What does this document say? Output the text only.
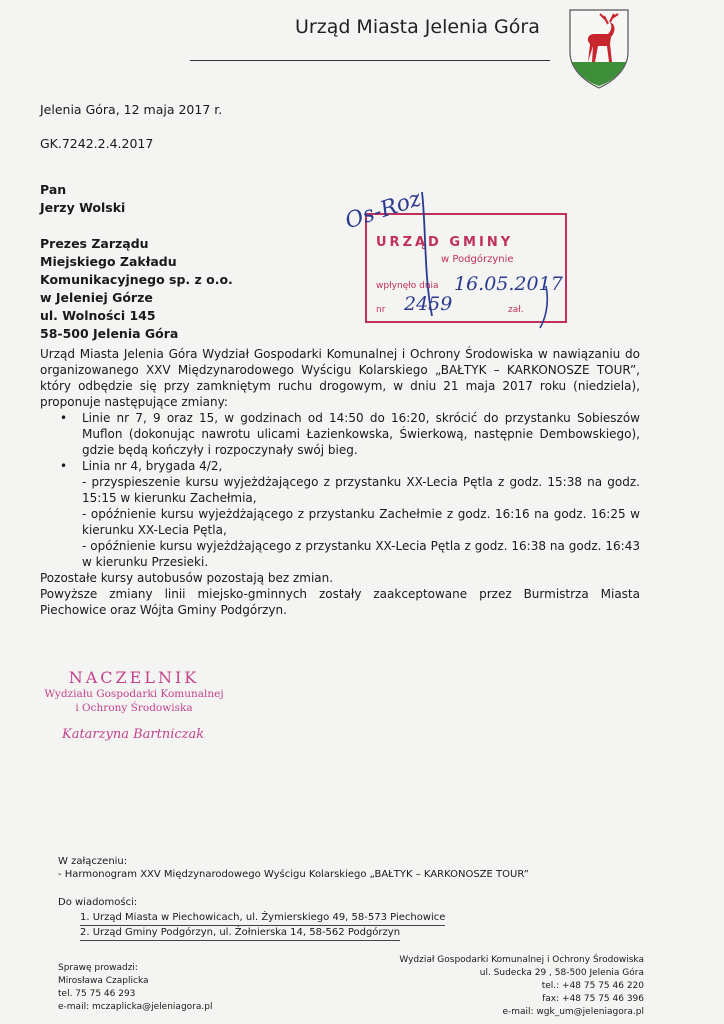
Urząd Miasta Jelenia Góra
Jelenia Góra, 12 maja 2017 r.
GK.7242.2.4.2017
Pan
Jerzy Wolski
Prezes Zarządu
Miejskiego Zakładu
Komunikacyjnego sp. z o.o.
w Jeleniej Górze
ul. Wolności 145
58-500 Jelenia Góra
URZĄD GMINY
w Podgórzynie
wpłynęło dnia
nr	zał.
16.05.2017
2459
Os-Roz

Urząd Miasta Jelenia Góra Wydział Gospodarki Komunalnej i Ochrony Środowiska w nawiązaniu do organizowanego XXV Międzynarodowego Wyścigu Kolarskiego „BAŁTYK – KARKONOSZE TOUR”, który odbędzie się przy zamkniętym ruchu drogowym, w dniu 21 maja 2017 roku (niedziela), proponuje następujące zmiany:

• Linie nr 7, 9 oraz 15, w godzinach od 14:50 do 16:20, skrócić do przystanku Sobieszów Muflon (dokonując nawrotu ulicami Łazienkowska, Świerkową, następnie Dembowskiego), gdzie będą kończyły i rozpoczynały swój bieg.
• Linia nr 4, brygada 4/2,
- przyspieszenie kursu wyjeżdżającego z przystanku XX-Lecia Pętla z godz. 15:38 na godz. 15:15 w kierunku Zachełmia,
- opóźnienie kursu wyjeżdżającego z przystanku Zachełmie z godz. 16:16 na godz. 16:25 w kierunku XX-Lecia Pętla,
- opóźnienie kursu wyjeżdżającego z przystanku XX-Lecia Pętla z godz. 16:38 na godz. 16:43 w kierunku Przesieki.

Pozostałe kursy autobusów pozostają bez zmian.

Powyższe zmiany linii miejsko-gminnych zostały zaakceptowane przez Burmistrza Miasta Piechowice oraz Wójta Gminy Podgórzyn.

NACZELNIK
Wydziału Gospodarki Komunalnej
i Ochrony Środowiska
Katarzyna Bartniczak
W załączeniu:
- Harmonogram XXV Międzynarodowego Wyścigu Kolarskiego „BAŁTYK – KARKONOSZE TOUR”
Do wiadomości:
1. Urząd Miasta w Piechowicach, ul. Żymierskiego 49, 58-573 Piechowice
2. Urząd Gminy Podgórzyn, ul. Żołnierska 14, 58-562 Podgórzyn
Sprawę prowadzi:
Mirosława Czaplicka
tel. 75 75 46 293
e-mail: mczaplicka@jeleniagora.pl
Wydział Gospodarki Komunalnej i Ochrony Środowiska
ul. Sudecka 29 , 58-500 Jelenia Góra
tel.: +48 75 75 46 220
fax: +48 75 75 46 396
e-mail: wgk_um@jeleniagora.pl
